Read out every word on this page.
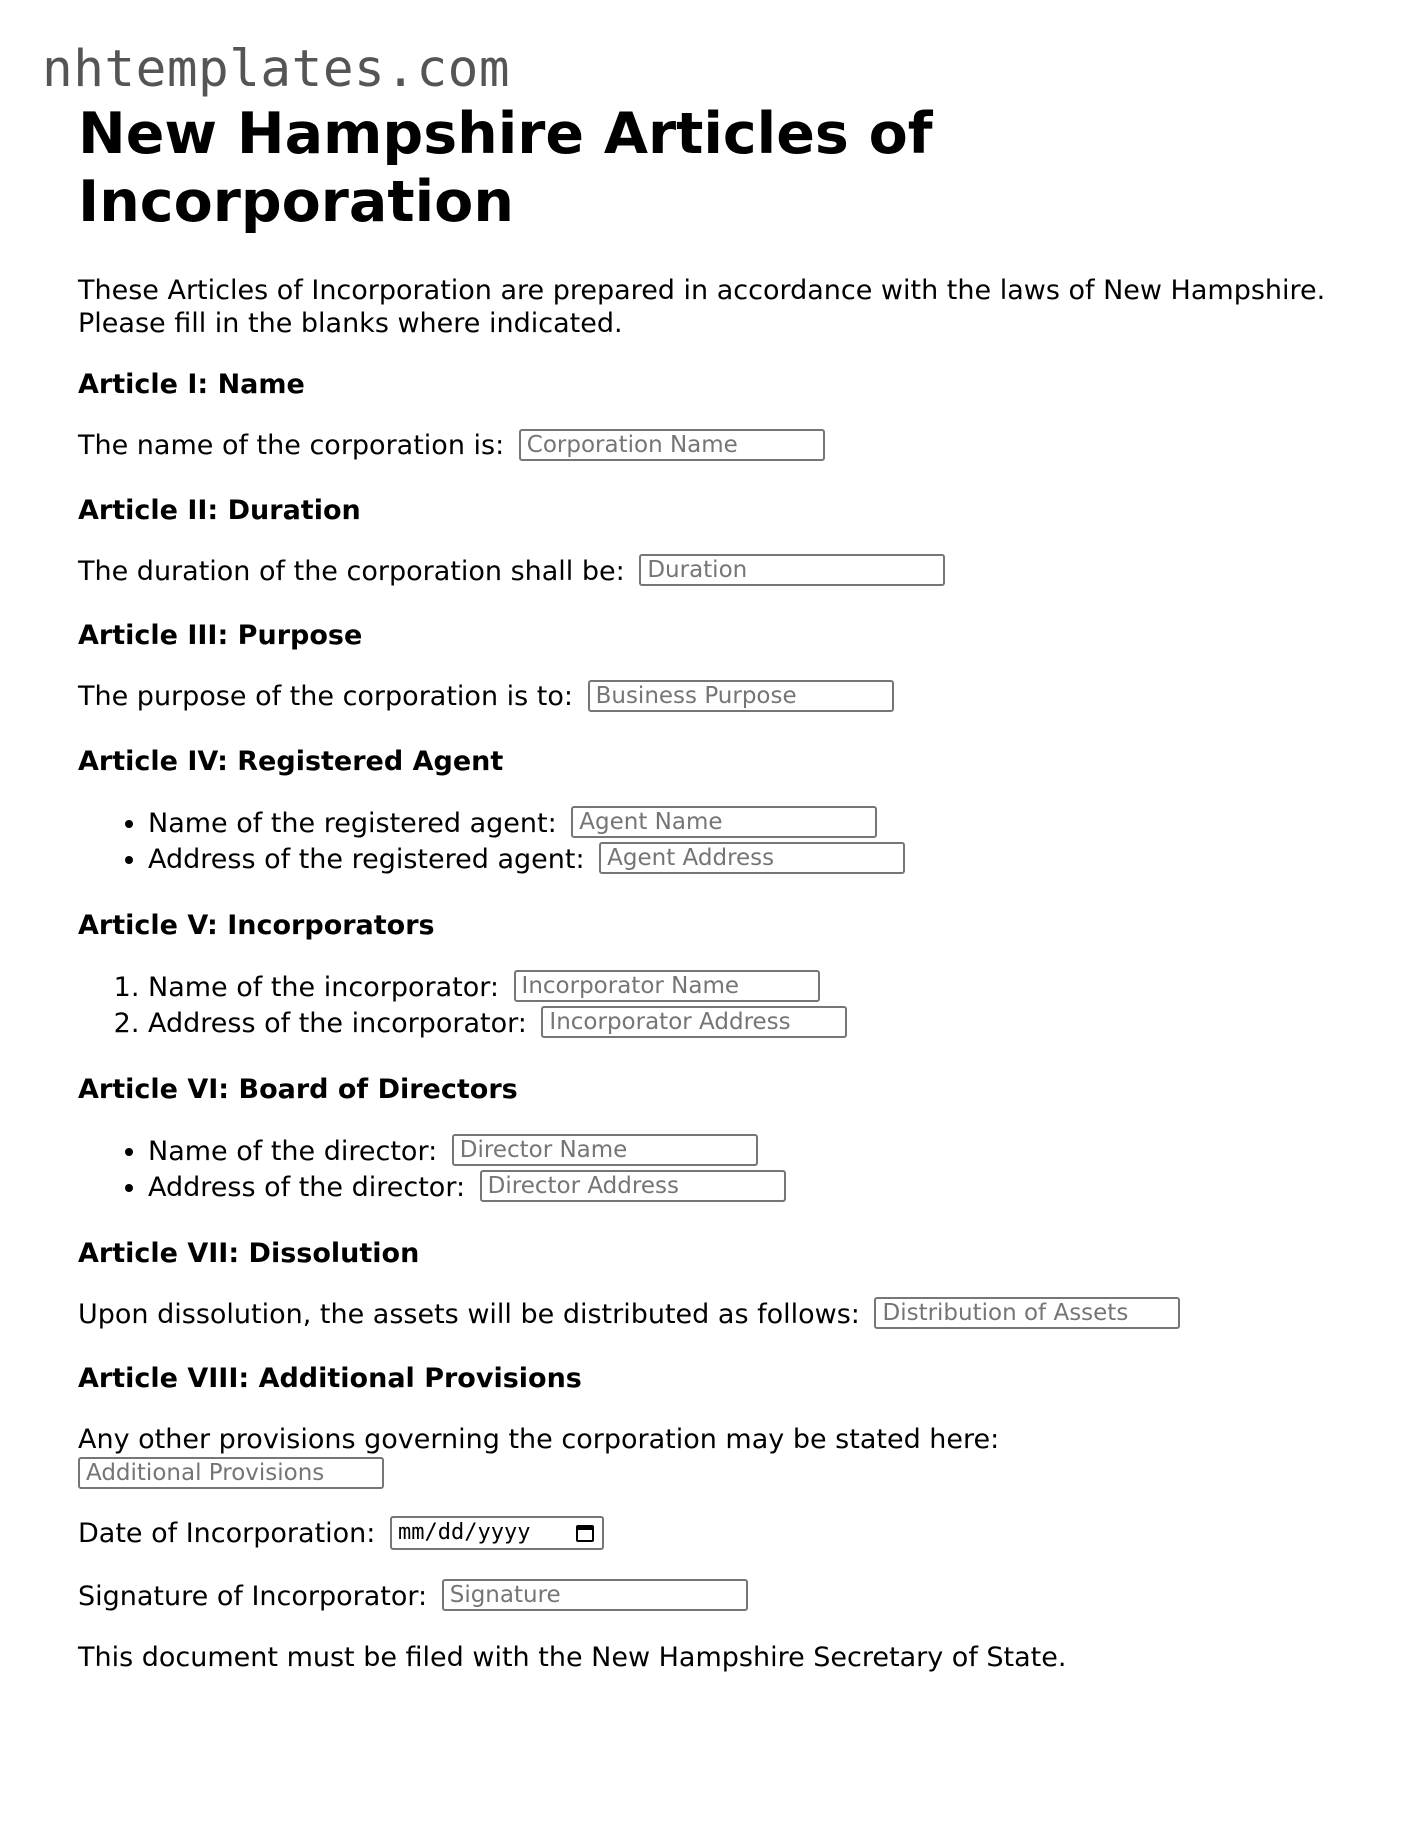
nhtemplates.com
New Hampshire Articles of Incorporation

These Articles of Incorporation are prepared in accordance with the laws of New Hampshire. Please fill in the blanks where indicated.

Article I: Name

The name of the corporation is: Corporation Name

Article II: Duration

The duration of the corporation shall be: Duration

Article III: Purpose

The purpose of the corporation is to: Business Purpose

Article IV: Registered Agent
• Name of the registered agent: Agent Name
• Address of the registered agent: Agent Address
Article V: Incorporators
1. Name of the incorporator: Incorporator Name
2. Address of the incorporator: Incorporator Address
Article VI: Board of Directors
• Name of the director: Director Name
• Address of the director: Director Address
Article VII: Dissolution

Upon dissolution, the assets will be distributed as follows: Distribution of Assets

Article VIII: Additional Provisions

Any other provisions governing the corporation may be stated here:
Additional Provisions

Date of Incorporation: mm/dd/yyyy

Signature of Incorporator: Signature

This document must be filed with the New Hampshire Secretary of State.
